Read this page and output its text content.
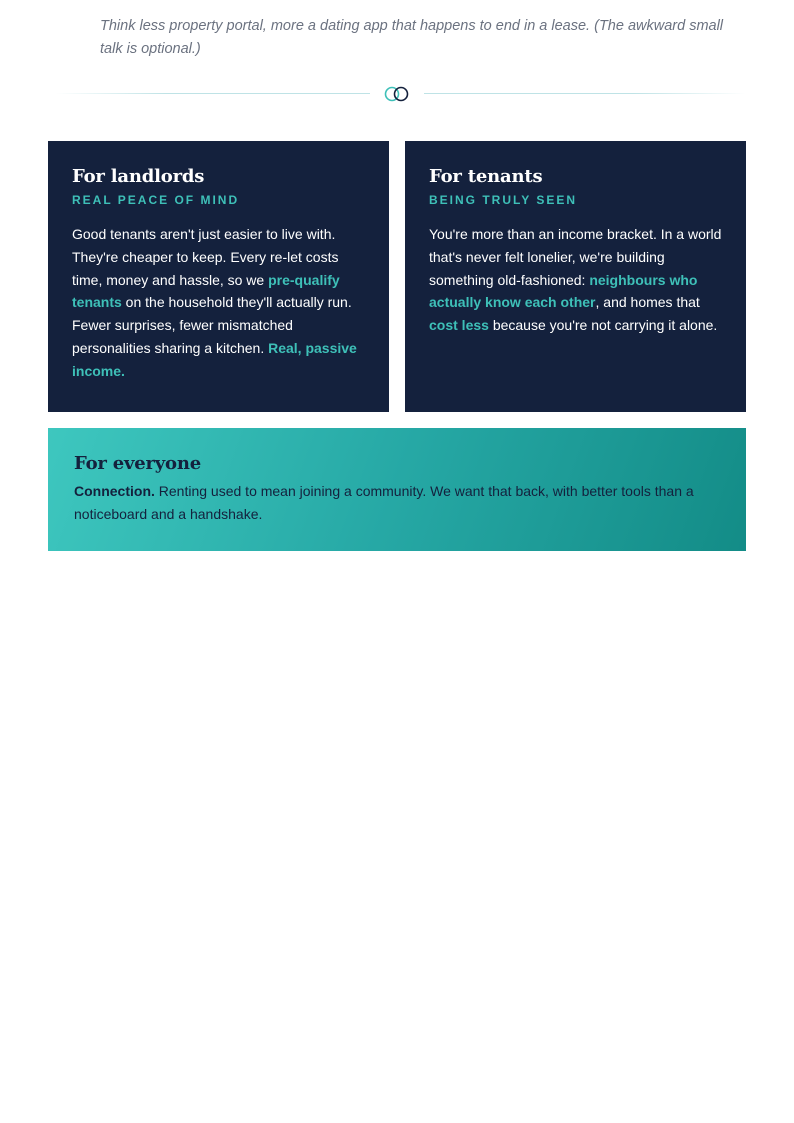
Think less property portal, more a dating app that happens to end in a lease. (The awkward small talk is optional.)

For landlords
REAL PEACE OF MIND

Good tenants aren't just easier to live with. They're cheaper to keep. Every re-let costs time, money and hassle, so we pre-qualify tenants on the household they'll actually run. Fewer surprises, fewer mismatched personalities sharing a kitchen. Real, passive income.

For tenants
BEING TRULY SEEN

You're more than an income bracket. In a world that's never felt lonelier, we're building something old-fashioned: neighbours who actually know each other, and homes that cost less because you're not carrying it alone.

For everyone

Connection. Renting used to mean joining a community. We want that back, with better tools than a noticeboard and a handshake.
